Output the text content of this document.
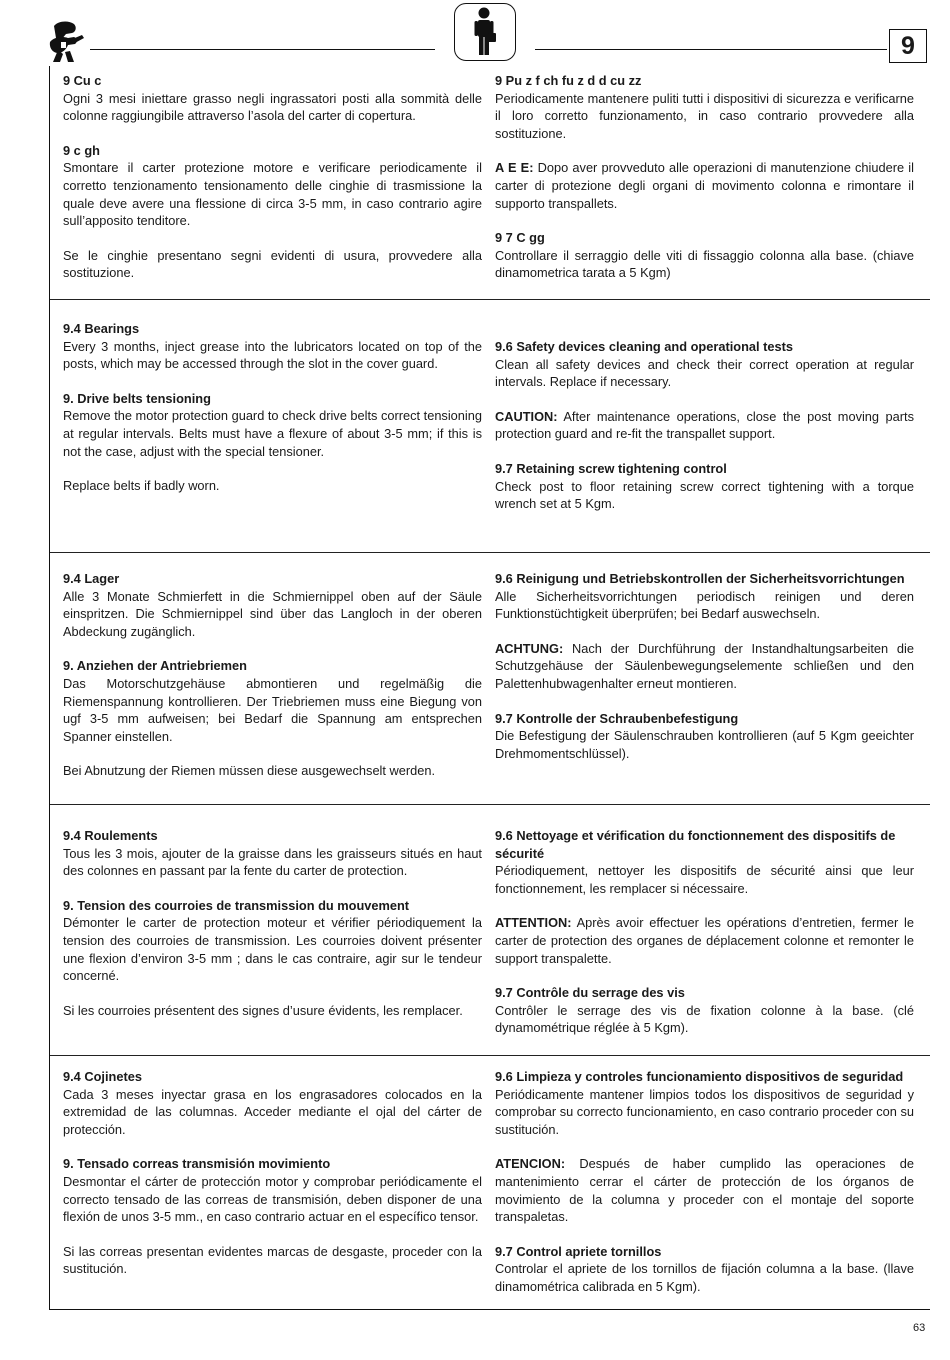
9
9 Cu c
Ogni 3 mesi iniettare grasso negli ingrassatori posti alla sommità delle colonne raggiungibile attraverso l’asola del carter di copertura.
9 c gh
Smontare il carter protezione motore e verificare periodicamente il corretto tenzionamento tensionamento delle cinghie di trasmissione la quale deve avere una flessione di circa 3-5 mm, in caso contrario agire sull’apposito tenditore.
Se le cinghie presentano segni evidenti di usura, provvedere alla sostituzione.
9 Pu z f ch fu z d d cu zz
Periodicamente mantenere puliti tutti i dispositivi di sicurezza e verificarne il loro corretto funzionamento, in caso contrario provvedere alla sostituzione.
A E E: Dopo aver provveduto alle operazioni di manutenzione chiudere il carter di protezione degli organi di movimento colonna e rimontare il supporto transpallets.
9 7 C gg
Controllare il serraggio delle viti di fissaggio colonna alla base. (chiave dinamometrica tarata a 5 Kgm)
9.4 Bearings
Every 3 months, inject grease into the lubricators located on top of the posts, which may be accessed through the slot in the cover guard.
9. Drive belts tensioning
Remove the motor protection guard to check drive belts correct tensioning at regular intervals. Belts must have a flexure of about 3-5 mm; if this is not the case, adjust with the special tensioner.
Replace belts if badly worn.
9.6 Safety devices cleaning and operational tests
Clean all safety devices and check their correct operation at regular intervals. Replace if necessary.
CAUTION: After maintenance operations, close the post moving parts protection guard and re-fit the transpallet support.
9.7 Retaining screw tightening control
Check post to floor retaining screw correct tightening with a torque wrench set at 5 Kgm.
9.4 Lager
Alle 3 Monate Schmierfett in die Schmiernippel oben auf der Säule einspritzen. Die Schmiernippel sind über das Langloch in der oberen Abdeckung zugänglich.
9. Anziehen der Antriebriemen
Das Motorschutzgehäuse abmontieren und regelmäßig die Riemenspannung kontrollieren. Der Triebriemen muss eine Biegung von ugf 3-5 mm aufweisen; bei Bedarf die Spannung am entsprechen Spanner einstellen.
Bei Abnutzung der Riemen müssen diese ausgewechselt werden.
9.6 Reinigung und Betriebskontrollen der Sicherheitsvorrichtungen
Alle Sicherheitsvorrichtungen periodisch reinigen und deren Funktionstüchtigkeit überprüfen; bei Bedarf auswechseln.
ACHTUNG: Nach der Durchführung der Instandhaltungsarbeiten die Schutzgehäuse der Säulenbewegungselemente schließen und den Palettenhubwagenhalter erneut montieren.
9.7 Kontrolle der Schraubenbefestigung
Die Befestigung der Säulenschrauben kontrollieren (auf 5 Kgm geeichter Drehmomentschlüssel).
9.4 Roulements
Tous les 3 mois, ajouter de la graisse dans les graisseurs situés en haut des colonnes en passant par la fente du carter de protection.
9. Tension des courroies de transmission du mouvement
Démonter le carter de protection moteur et vérifier périodiquement la tension des courroies de transmission. Les courroies doivent présenter une flexion d’environ 3-5 mm ; dans le cas contraire, agir sur le tendeur concerné.
Si les courroies présentent des signes d’usure évidents, les remplacer.
9.6 Nettoyage et vérification du fonctionnement des dispositifs de sécurité
Périodiquement, nettoyer les dispositifs de sécurité ainsi que leur fonctionnement, les remplacer si nécessaire.
ATTENTION: Après avoir effectuer les opérations d’entretien, fermer le carter de protection des organes de déplacement colonne et remonter le support transpalette.
9.7 Contrôle du serrage des vis
Contrôler le serrage des vis de fixation colonne à la base. (clé dynamométrique réglée à 5 Kgm).
9.4 Cojinetes
Cada 3 meses inyectar grasa en los engrasadores colocados en la extremidad de las columnas. Acceder mediante el ojal del cárter de protección.
9. Tensado correas transmisión movimiento
Desmontar el cárter de protección motor y comprobar periódicamente el correcto tensado de las correas de transmisión, deben disponer de una flexión de unos 3-5 mm., en caso contrario actuar en el específico tensor.
Si las correas presentan evidentes marcas de desgaste, proceder con la sustitución.
9.6 Limpieza y controles funcionamiento dispositivos de seguridad
Periódicamente mantener limpios todos los dispositivos de seguridad y comprobar su correcto funcionamiento, en caso contrario proceder con su sustitución.
ATENCION: Después de haber cumplido las operaciones de mantenimiento cerrar el cárter de protección de los órganos de movimiento de la columna y proceder con el montaje del soporte transpaletas.
9.7 Control apriete tornillos
Controlar el apriete de los tornillos de fijación columna a la base. (llave dinamométrica calibrada en 5 Kgm).
63
